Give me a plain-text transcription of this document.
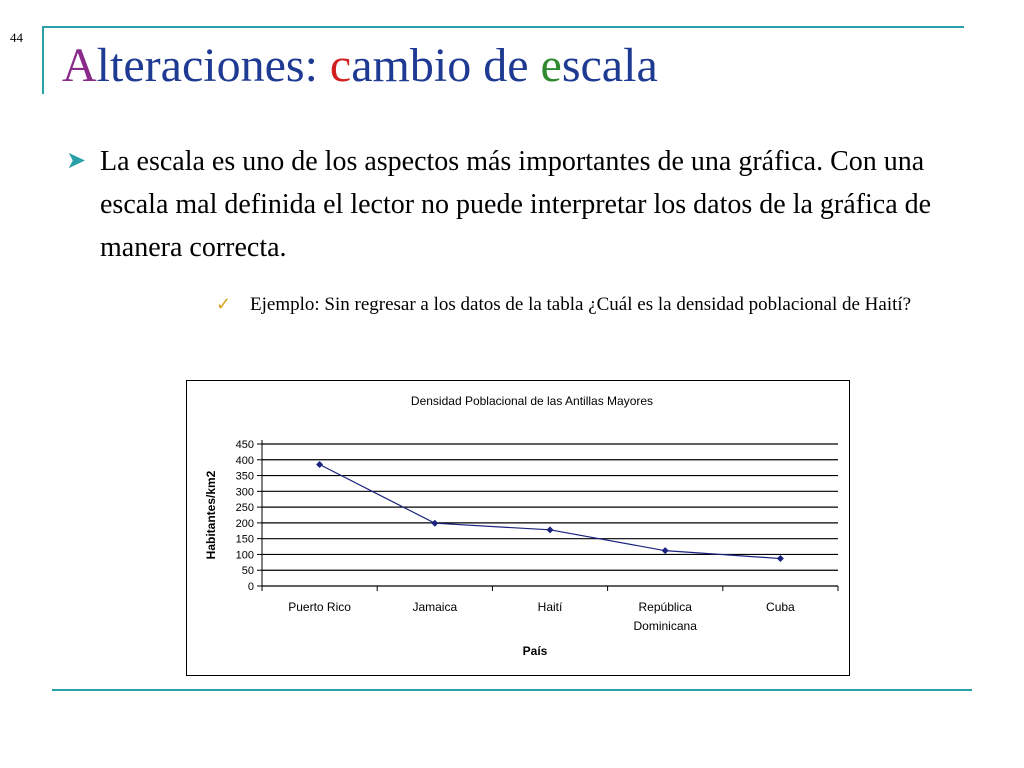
44
Alteraciones: cambio de escala
➤ La escala es uno de los aspectos más importantes de una gráfica. Con una escala mal definida el lector no puede interpretar los datos de la gráfica de manera correcta.
✓ Ejemplo: Sin regresar a los datos de la tabla ¿Cuál es la densidad poblacional de Haití?
Densidad Poblacional de las Antillas Mayores
0
50
100
150
200
250
300
350
400
450
Puerto Rico	Jamaica	Haití	República
Dominicana
Cuba
País
Habitantes/km2
